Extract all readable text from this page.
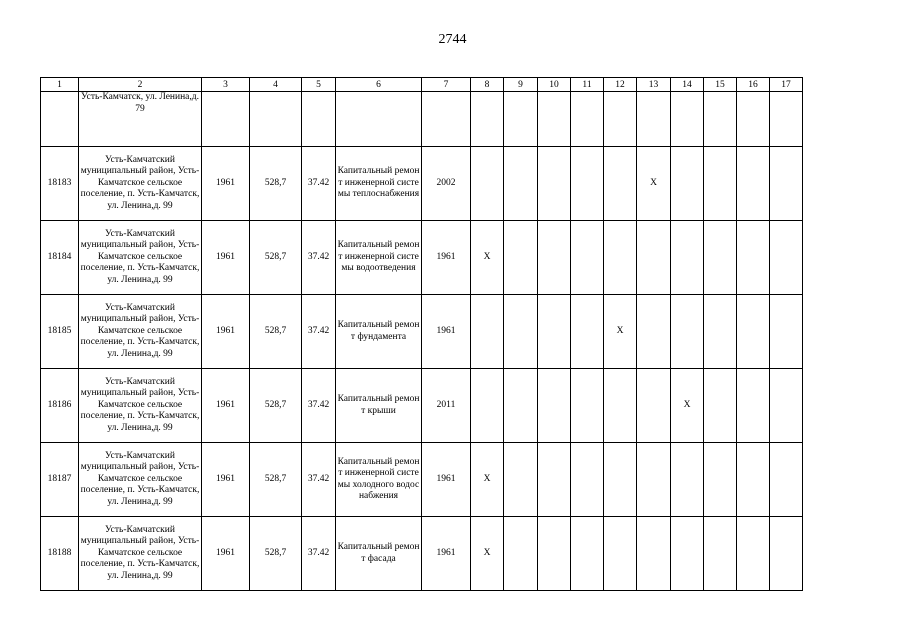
2744
1	2	3	4	5	6	7	8	9	10	11	12	13	14	15	16	17
	Усть-Камчатск, ул. Ленина,д. 79															
18183	Усть-Камчатский муниципальный район, Усть-Камчатское сельское поселение, п. Усть-Камчатск, ул. Ленина,д. 99	1961	528,7	37.42	Капитальный ремонт инженерной системы теплоснабжения	2002						X				
18184	Усть-Камчатский муниципальный район, Усть-Камчатское сельское поселение, п. Усть-Камчатск, ул. Ленина,д. 99	1961	528,7	37.42	Капитальный ремонт инженерной системы водоотведения	1961	X									
18185	Усть-Камчатский муниципальный район, Усть-Камчатское сельское поселение, п. Усть-Камчатск, ул. Ленина,д. 99	1961	528,7	37.42	Капитальный ремонт фундамента	1961					X					
18186	Усть-Камчатский муниципальный район, Усть-Камчатское сельское поселение, п. Усть-Камчатск, ул. Ленина,д. 99	1961	528,7	37.42	Капитальный ремонт крыши	2011							X			
18187	Усть-Камчатский муниципальный район, Усть-Камчатское сельское поселение, п. Усть-Камчатск, ул. Ленина,д. 99	1961	528,7	37.42	Капитальный ремонт инженерной системы холодного водоснабжения	1961	X									
18188	Усть-Камчатский муниципальный район, Усть-Камчатское сельское поселение, п. Усть-Камчатск, ул. Ленина,д. 99	1961	528,7	37.42	Капитальный ремонт фасада	1961	X									
